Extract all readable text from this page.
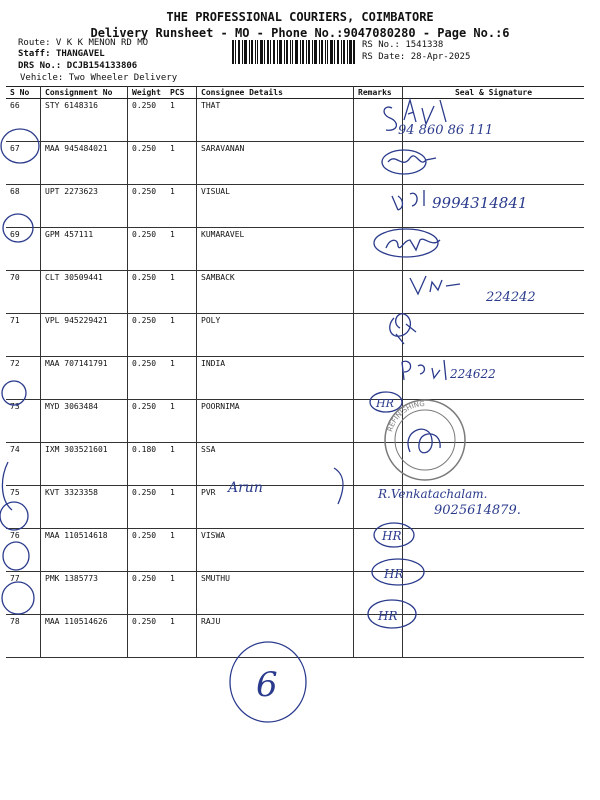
THE PROFESSIONAL COURIERS, COIMBATORE
Delivery Runsheet - MO - Phone No.:9047080280 - Page No.:6
Route: V K K MENON RD MO
Staff: THANGAVEL
DRS No.: DCJB154133806
Vehicle: Two Wheeler Delivery
RS No.: 1541338
RS Date: 28-Apr-2025
S No	Consignment No	Weight	PCS	Consignee Details	Remarks	Seal & Signature
66	STY 6148316	0.250	1	THAT		
67	MAA 945484021	0.250	1	SARAVANAN		
68	UPT 2273623	0.250	1	VISUAL		
69	GPM 457111	0.250	1	KUMARAVEL		
70	CLT 30509441	0.250	1	SAMBACK		
71	VPL 945229421	0.250	1	POLY		
72	MAA 707141791	0.250	1	INDIA		
73	MYD 3063484	0.250	1	POORNIMA		
74	IXM 303521601	0.180	1	SSA		
75	KVT 3323358	0.250	1	PVR		
76	MAA 110514618	0.250	1	VISWA		
77	PMK 1385773	0.250	1	SMUTHU		
78	MAA 110514626	0.250	1	RAJU		
94 860 86 111
9994314841
224242
224622
HR
REFINISHING
Arun	R.Venkatachalam.
9025614879.
HR
HR
HR
6
